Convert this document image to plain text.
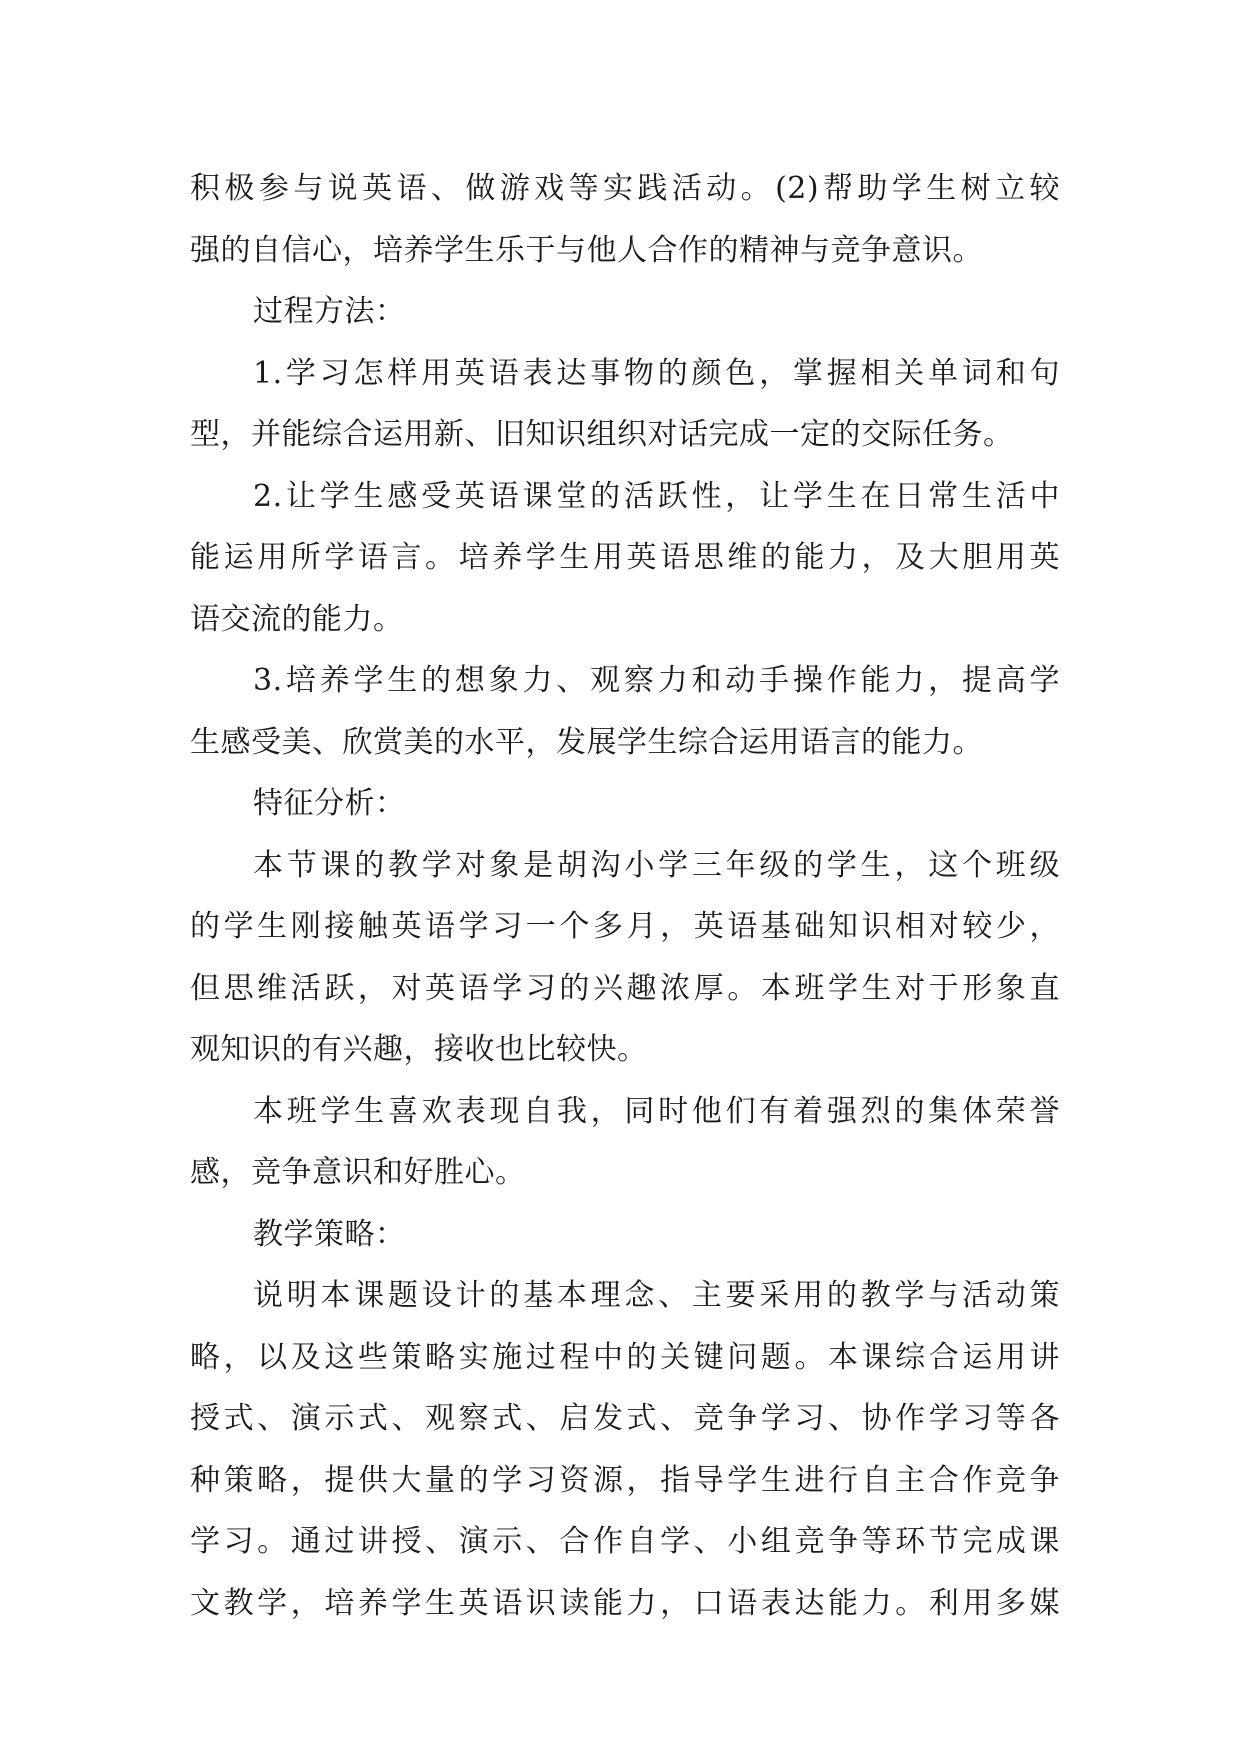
积极参与说英语、做游戏等实践活动。(2)帮助学生树立较
强的自信心，培养学生乐于与他人合作的精神与竞争意识。
过程方法：
1.学习怎样用英语表达事物的颜色，掌握相关单词和句
型，并能综合运用新、旧知识组织对话完成一定的交际任务。
2.让学生感受英语课堂的活跃性，让学生在日常生活中
能运用所学语言。培养学生用英语思维的能力，及大胆用英
语交流的能力。
3.培养学生的想象力、观察力和动手操作能力，提高学
生感受美、欣赏美的水平，发展学生综合运用语言的能力。
特征分析：
本节课的教学对象是胡沟小学三年级的学生，这个班级
的学生刚接触英语学习一个多月，英语基础知识相对较少，
但思维活跃，对英语学习的兴趣浓厚。本班学生对于形象直
观知识的有兴趣，接收也比较快。
本班学生喜欢表现自我，同时他们有着强烈的集体荣誉
感，竞争意识和好胜心。
教学策略：
说明本课题设计的基本理念、主要采用的教学与活动策
略，以及这些策略实施过程中的关键问题。本课综合运用讲
授式、演示式、观察式、启发式、竞争学习、协作学习等各
种策略，提供大量的学习资源，指导学生进行自主合作竞争
学习。通过讲授、演示、合作自学、小组竞争等环节完成课
文教学，培养学生英语识读能力，口语表达能力。利用多媒
